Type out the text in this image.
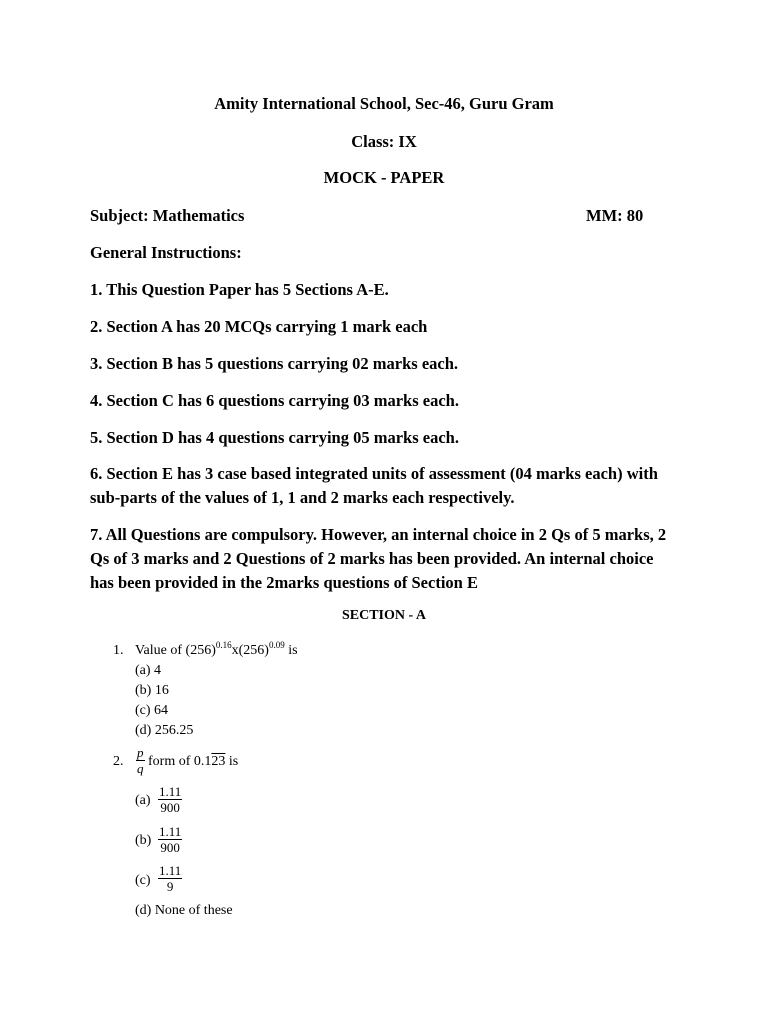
Amity International School, Sec-46, Guru Gram
Class: IX
MOCK - PAPER
Subject: Mathematics	MM: 80
General Instructions:
1. This Question Paper has 5 Sections A-E.
2. Section A has 20 MCQs carrying 1 mark each
3. Section B has 5 questions carrying 02 marks each.
4. Section C has 6 questions carrying 03 marks each.
5. Section D has 4 questions carrying 05 marks each.
6. Section E has 3 case based integrated units of assessment (04 marks each) with sub-parts of the values of 1, 1 and 2 marks each respectively.
7. All Questions are compulsory. However, an internal choice in 2 Qs of 5 marks, 2 Qs of 3 marks and 2 Questions of 2 marks has been provided. An internal choice has been provided in the 2marks questions of Section E
SECTION - A
1. Value of $(256)^{0.16}x(256)^{0.09}$ is
(a) 4
(b) 16
(c) 64
(d) 256.25
2. $\frac{p}{q}$ form of 0.123 is
$(a) \frac{1.11}{900}$
$(b) \frac{1.11}{900}$
$(c) \frac{1.11}{9}$
(d) None of these
